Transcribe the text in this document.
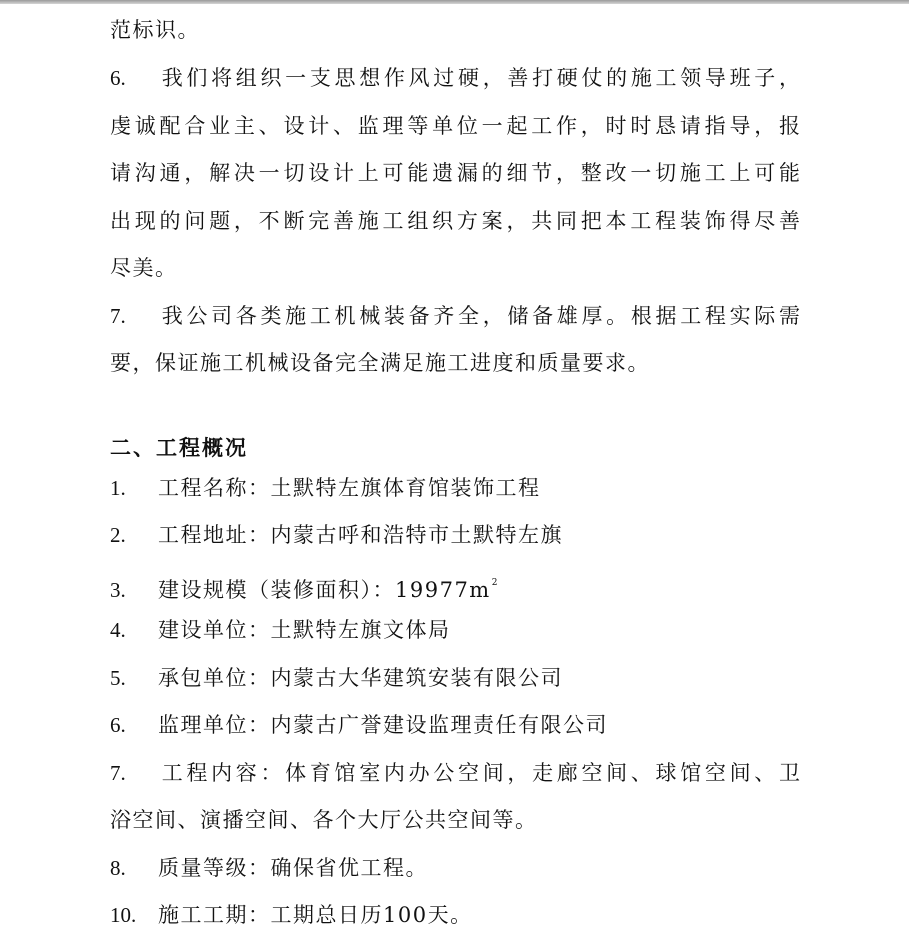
范标识。
6. 我们将组织一支思想作风过硬，善打硬仗的施工领导班子，
虔诚配合业主、设计、监理等单位一起工作，时时恳请指导，报
请沟通，解决一切设计上可能遗漏的细节，整改一切施工上可能
出现的问题，不断完善施工组织方案，共同把本工程装饰得尽善
尽美。
7. 我公司各类施工机械装备齐全，储备雄厚。根据工程实际需
要，保证施工机械设备完全满足施工进度和质量要求。
二、工程概况
1. 工程名称：土默特左旗体育馆装饰工程
2. 工程地址：内蒙古呼和浩特市土默特左旗
3. 建设规模（装修面积）：$19977m^2$
4. 建设单位：土默特左旗文体局
5. 承包单位：内蒙古大华建筑安装有限公司
6. 监理单位：内蒙古广誉建设监理责任有限公司
7. 工程内容：体育馆室内办公空间，走廊空间、球馆空间、卫
浴空间、演播空间、各个大厅公共空间等。
8. 质量等级：确保省优工程。
10. 施工工期：工期总日历100天。
